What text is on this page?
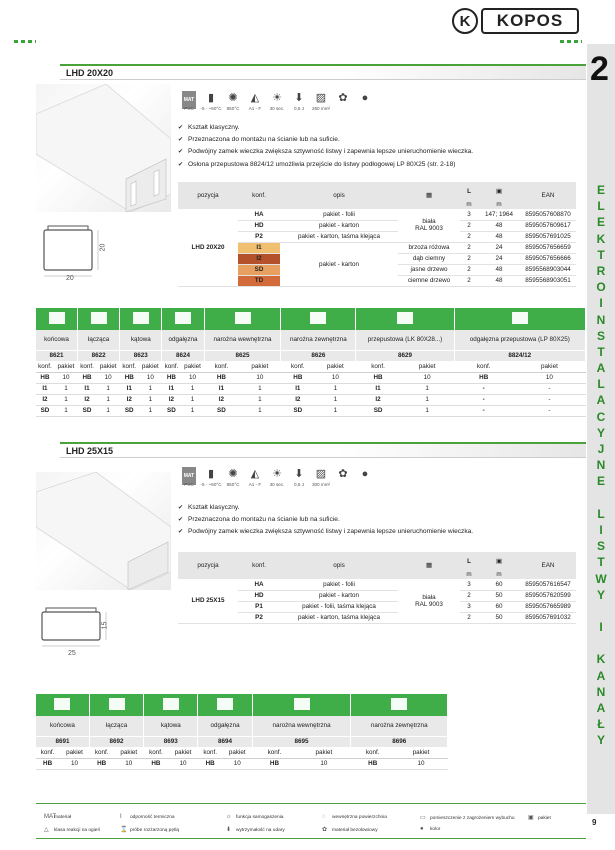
K	KOPOS
2
E
L
E
K
T
R
O
I
N
S
T
A
L
A
C
Y
J
N
E
L
I
S
T
W
Y
I
K
A
N
A
Ł
Y
LHD 20X20
20
20
MAT
PVC
▮
-5 - +60°C
✺
850°C
◭
A1 - F
☀
30 sec.
⬇
0,5 J
▨
260 mm²
✿	●
✔ Kształt klasyczny.
✔ Przeznaczona do montażu na ścianie lub na suficie.
✔ Podwójny zamek wieczka zwiększa sztywność listwy i zapewnia lepsze unieruchomienie wieczka.
✔ Osłona przepustowa 8824/12 umożliwia przejście do listwy podłogowej LP 80X25 (str. 2-18)
pozycja	konf.	opis	▦	L	▣	EAN
				m	m	
LHD 20X20	HA	pakiet - folii	biała
RAL 9003	3	147; 1964	8595057608870
	HD	pakiet - karton		2	48	8595057609617
	P2	pakiet - karton, taśma klejąca		2	48	8595057691025
	I1	pakiet - karton	brzoza różowa	2	24	8595057656659
	I2		dąb ciemny	2	24	8595057656666
	SD		jasne drzewo	2	48	8595568903044
	TD		ciemne drzewo	2	48	8595568903051

końcowa		łącząca		kątowa		odgałęzna		narożna wewnętrzna		narożna zewnętrzna		przepustowa (LK 80X28...)		odgałęzna przepustowa (LP 80X25)	
8621		8622		8623		8624		8625		8626		8629		8824/12	
konf.	pakiet	konf.	pakiet	konf.	pakiet	konf.	pakiet	konf.	pakiet	konf.	pakiet	konf.	pakiet	konf.	pakiet
HB	10	HB	10	HB	10	HB	10	HB	10	HB	10	HB	10	HB	10
I1	1	I1	1	I1	1	I1	1	I1	1	I1	1	I1	1	-	-
I2	1	I2	1	I2	1	I2	1	I2	1	I2	1	I2	1	-	-
SD	1	SD	1	SD	1	SD	1	SD	1	SD	1	SD	1	-	-
LHD 25X15
25
15
MAT
PVC
▮
-5 - +60°C
✺
850°C
◭
A1 - F
☀
30 sec.
⬇
0,5 J
▨
300 mm²
✿	●
✔ Kształt klasyczny.
✔ Przeznaczona do montażu na ścianie lub na suficie.
✔ Podwójny zamek wieczka zwiększa sztywność listwy i zapewnia lepsze unieruchomienie wieczka.
pozycja	konf.	opis	▦	L	▣	EAN
				m	m	
LHD 25X15	HA	pakiet - folii	biała
RAL 9003	3	60	8595057616547
	HD	pakiet - karton		2	50	8595057620599
	P1	pakiet - folii, taśma klejąca		3	60	8595057665989
	P2	pakiet - karton, taśma klejąca		2	50	8595057691032

końcowa		łącząca		kątowa		odgałęzna		narożna wewnętrzna		narożna zewnętrzna	
8691		8692		8693		8694		8695		8696	
konf.	pakiet	konf.	pakiet	konf.	pakiet	konf.	pakiet	konf.	pakiet	konf.	pakiet
HB	10	HB	10	HB	10	HB	10	HB	10	HB	10
MATmateriał	I odporność termiczna	☼ funkcja samogaszenia	◌ wewnętrzna powierzchnia	▭ pomieszczenie z zagrożeniem wybuchu ▣ pakiet
△ klasa reakcji na ogień	⌛ próbe rozżarzoną pętlą	⬇ wytrzymałość na udary	✿ materiał bezołowiowy	● kolor
9
